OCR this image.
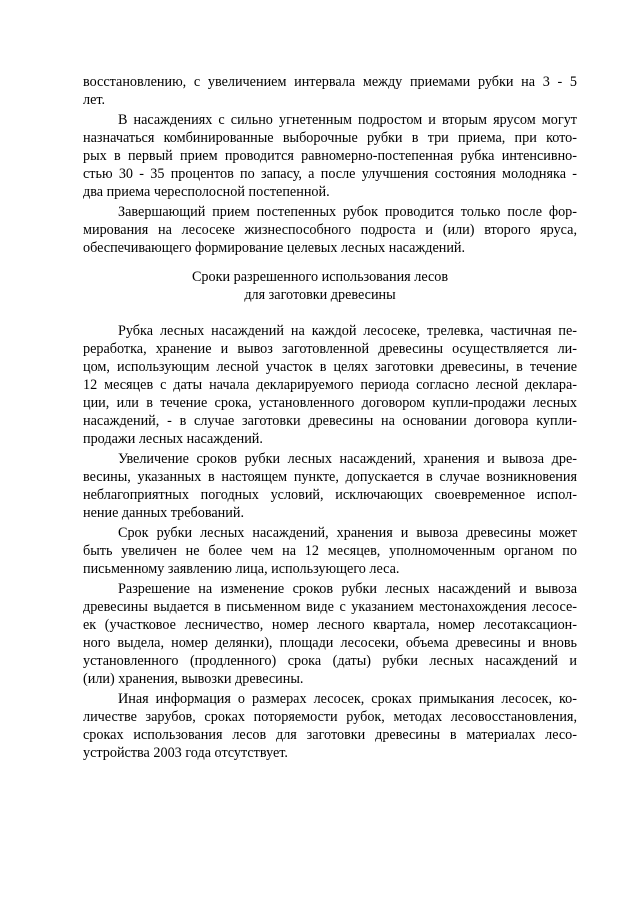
восстановлению, с увеличением интервала между приемами рубки на 3 - 5
лет.
В насаждениях с сильно угнетенным подростом и вторым ярусом могут
назначаться комбинированные выборочные рубки в три приема, при кото-
рых в первый прием проводится равномерно-постепенная рубка интенсивно-
стью 30 - 35 процентов по запасу, а после улучшения состояния молодняка -
два приема чересполосной постепенной.
Завершающий прием постепенных рубок проводится только после фор-
мирования на лесосеке жизнеспособного подроста и (или) второго яруса,
обеспечивающего формирование целевых лесных насаждений.
Сроки разрешенного использования лесов
для заготовки древесины
Рубка лесных насаждений на каждой лесосеке, трелевка, частичная пе-
реработка, хранение и вывоз заготовленной древесины осуществляется ли-
цом, использующим лесной участок в целях заготовки древесины, в течение
12 месяцев с даты начала декларируемого периода согласно лесной деклара-
ции, или в течение срока, установленного договором купли-продажи лесных
насаждений, - в случае заготовки древесины на основании договора купли-
продажи лесных насаждений.
Увеличение сроков рубки лесных насаждений, хранения и вывоза дре-
весины, указанных в настоящем пункте, допускается в случае возникновения
неблагоприятных погодных условий, исключающих своевременное испол-
нение данных требований.
Срок рубки лесных насаждений, хранения и вывоза древесины может
быть увеличен не более чем на 12 месяцев, уполномоченным органом по
письменному заявлению лица, использующего леса.
Разрешение на изменение сроков рубки лесных насаждений и вывоза
древесины выдается в письменном виде с указанием местонахождения лесосе-
ек (участковое лесничество, номер лесного квартала, номер лесотаксацион-
ного выдела, номер делянки), площади лесосеки, объема древесины и вновь
установленного (продленного) срока (даты) рубки лесных насаждений и
(или) хранения, вывозки древесины.
Иная информация о размерах лесосек, сроках примыкания лесосек, ко-
личестве зарубов, сроках потоpяемости рубок, методах лесовосстановления,
сроках использования лесов для заготовки древесины в материалах лесо-
устройства 2003 года отсутствует.
